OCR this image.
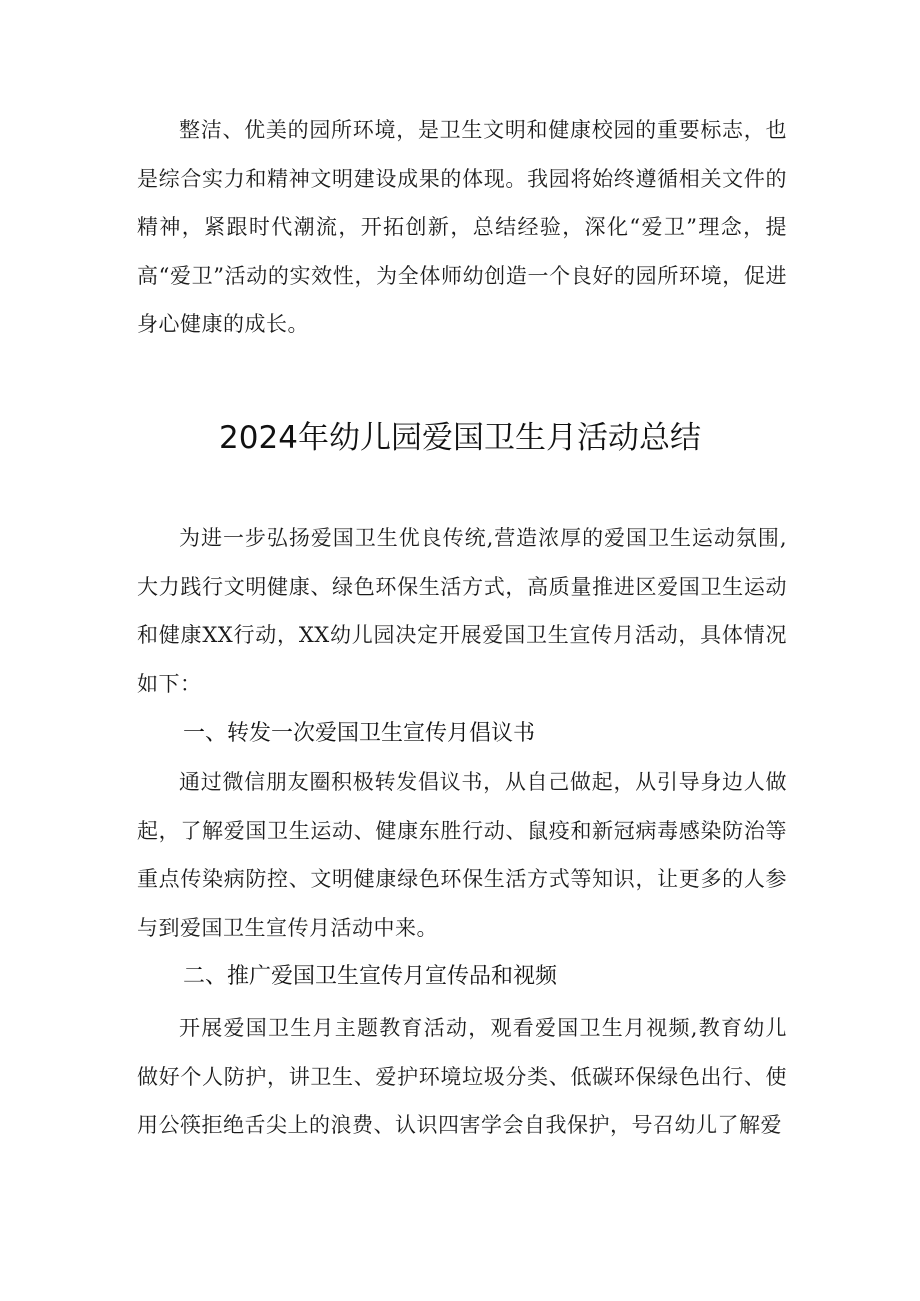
整洁、优美的园所环境，是卫生文明和健康校园的重要标志，也是综合实力和精神文明建设成果的体现。我园将始终遵循相关文件的精神，紧跟时代潮流，开拓创新，总结经验，深化“爱卫”理念，提高“爱卫”活动的实效性，为全体师幼创造一个良好的园所环境，促进身心健康的成长。

2024年幼儿园爱国卫生月活动总结

为进一步弘扬爱国卫生优良传统,营造浓厚的爱国卫生运动氛围,大力践行文明健康、绿色环保生活方式，高质量推进区爱国卫生运动和健康XX行动，XX幼儿园决定开展爱国卫生宣传月活动，具体情况如下：

一、转发一次爱国卫生宣传月倡议书

通过微信朋友圈积极转发倡议书，从自己做起，从引导身边人做起，了解爱国卫生运动、健康东胜行动、鼠疫和新冠病毒感染防治等重点传染病防控、文明健康绿色环保生活方式等知识，让更多的人参与到爱国卫生宣传月活动中来。

二、推广爱国卫生宣传月宣传品和视频

开展爱国卫生月主题教育活动，观看爱国卫生月视频,教育幼儿做好个人防护，讲卫生、爱护环境垃圾分类、低碳环保绿色出行、使用公筷拒绝舌尖上的浪费、认识四害学会自我保护，号召幼儿了解爱
